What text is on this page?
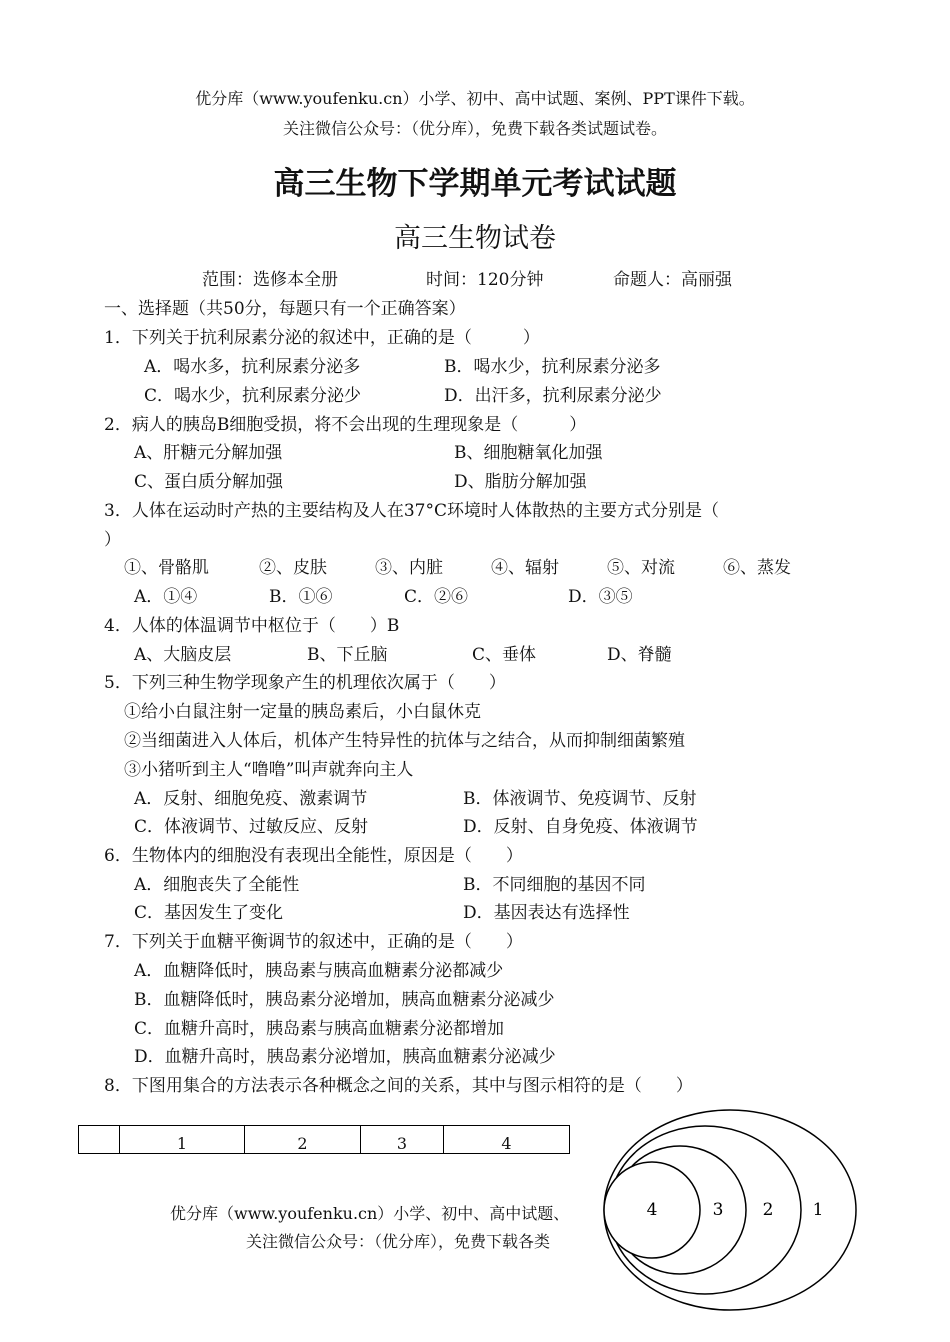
优分库（www.youfenku.cn）小学、初中、高中试题、案例、PPT课件下载。
关注微信公众号：（优分库），免费下载各类试题试卷。
高三生物下学期单元考试试题
高三生物试卷
范围：选修本全册	时间：120分钟	命题人：高丽强
一、选择题（共50分，每题只有一个正确答案）
1．下列关于抗利尿素分泌的叙述中，正确的是（　　　）
A．喝水多，抗利尿素分泌多	B．喝水少，抗利尿素分泌多
C．喝水少，抗利尿素分泌少	D．出汗多，抗利尿素分泌少
2．病人的胰岛B细胞受损，将不会出现的生理现象是（　　　）
A、肝糖元分解加强	B、细胞糖氧化加强
C、蛋白质分解加强	D、脂肪分解加强
3．人体在运动时产热的主要结构及人在37°C环境时人体散热的主要方式分别是（
）
①、骨骼肌	②、皮肤	③、内脏	④、辐射	⑤、对流	⑥、蒸发
A．①④	B．①⑥	C．②⑥	D．③⑤
4．人体的体温调节中枢位于（　　）B
A、大脑皮层	B、下丘脑	C、垂体	D、脊髓
5．下列三种生物学现象产生的机理依次属于（　　）
①给小白鼠注射一定量的胰岛素后，小白鼠休克
②当细菌进入人体后，机体产生特异性的抗体与之结合，从而抑制细菌繁殖
③小猪听到主人“噜噜”叫声就奔向主人
A．反射、细胞免疫、激素调节	B．体液调节、免疫调节、反射
C．体液调节、过敏反应、反射	D．反射、自身免疫、体液调节
6．生物体内的细胞没有表现出全能性，原因是（　　）
A．细胞丧失了全能性	B．不同细胞的基因不同
C．基因发生了变化	D．基因表达有选择性
7．下列关于血糖平衡调节的叙述中，正确的是（　　）
A．血糖降低时，胰岛素与胰高血糖素分泌都减少
B．血糖降低时，胰岛素分泌增加，胰高血糖素分泌减少
C．血糖升高时，胰岛素与胰高血糖素分泌都增加
D．血糖升高时，胰岛素分泌增加，胰高血糖素分泌减少
8．下图用集合的方法表示各种概念之间的关系，其中与图示相符的是（　　）
	1	2	3	4
优分库（www.youfenku.cn）小学、初中、高中试题、
关注微信公众号：（优分库），免费下载各类
4	3 2 1
